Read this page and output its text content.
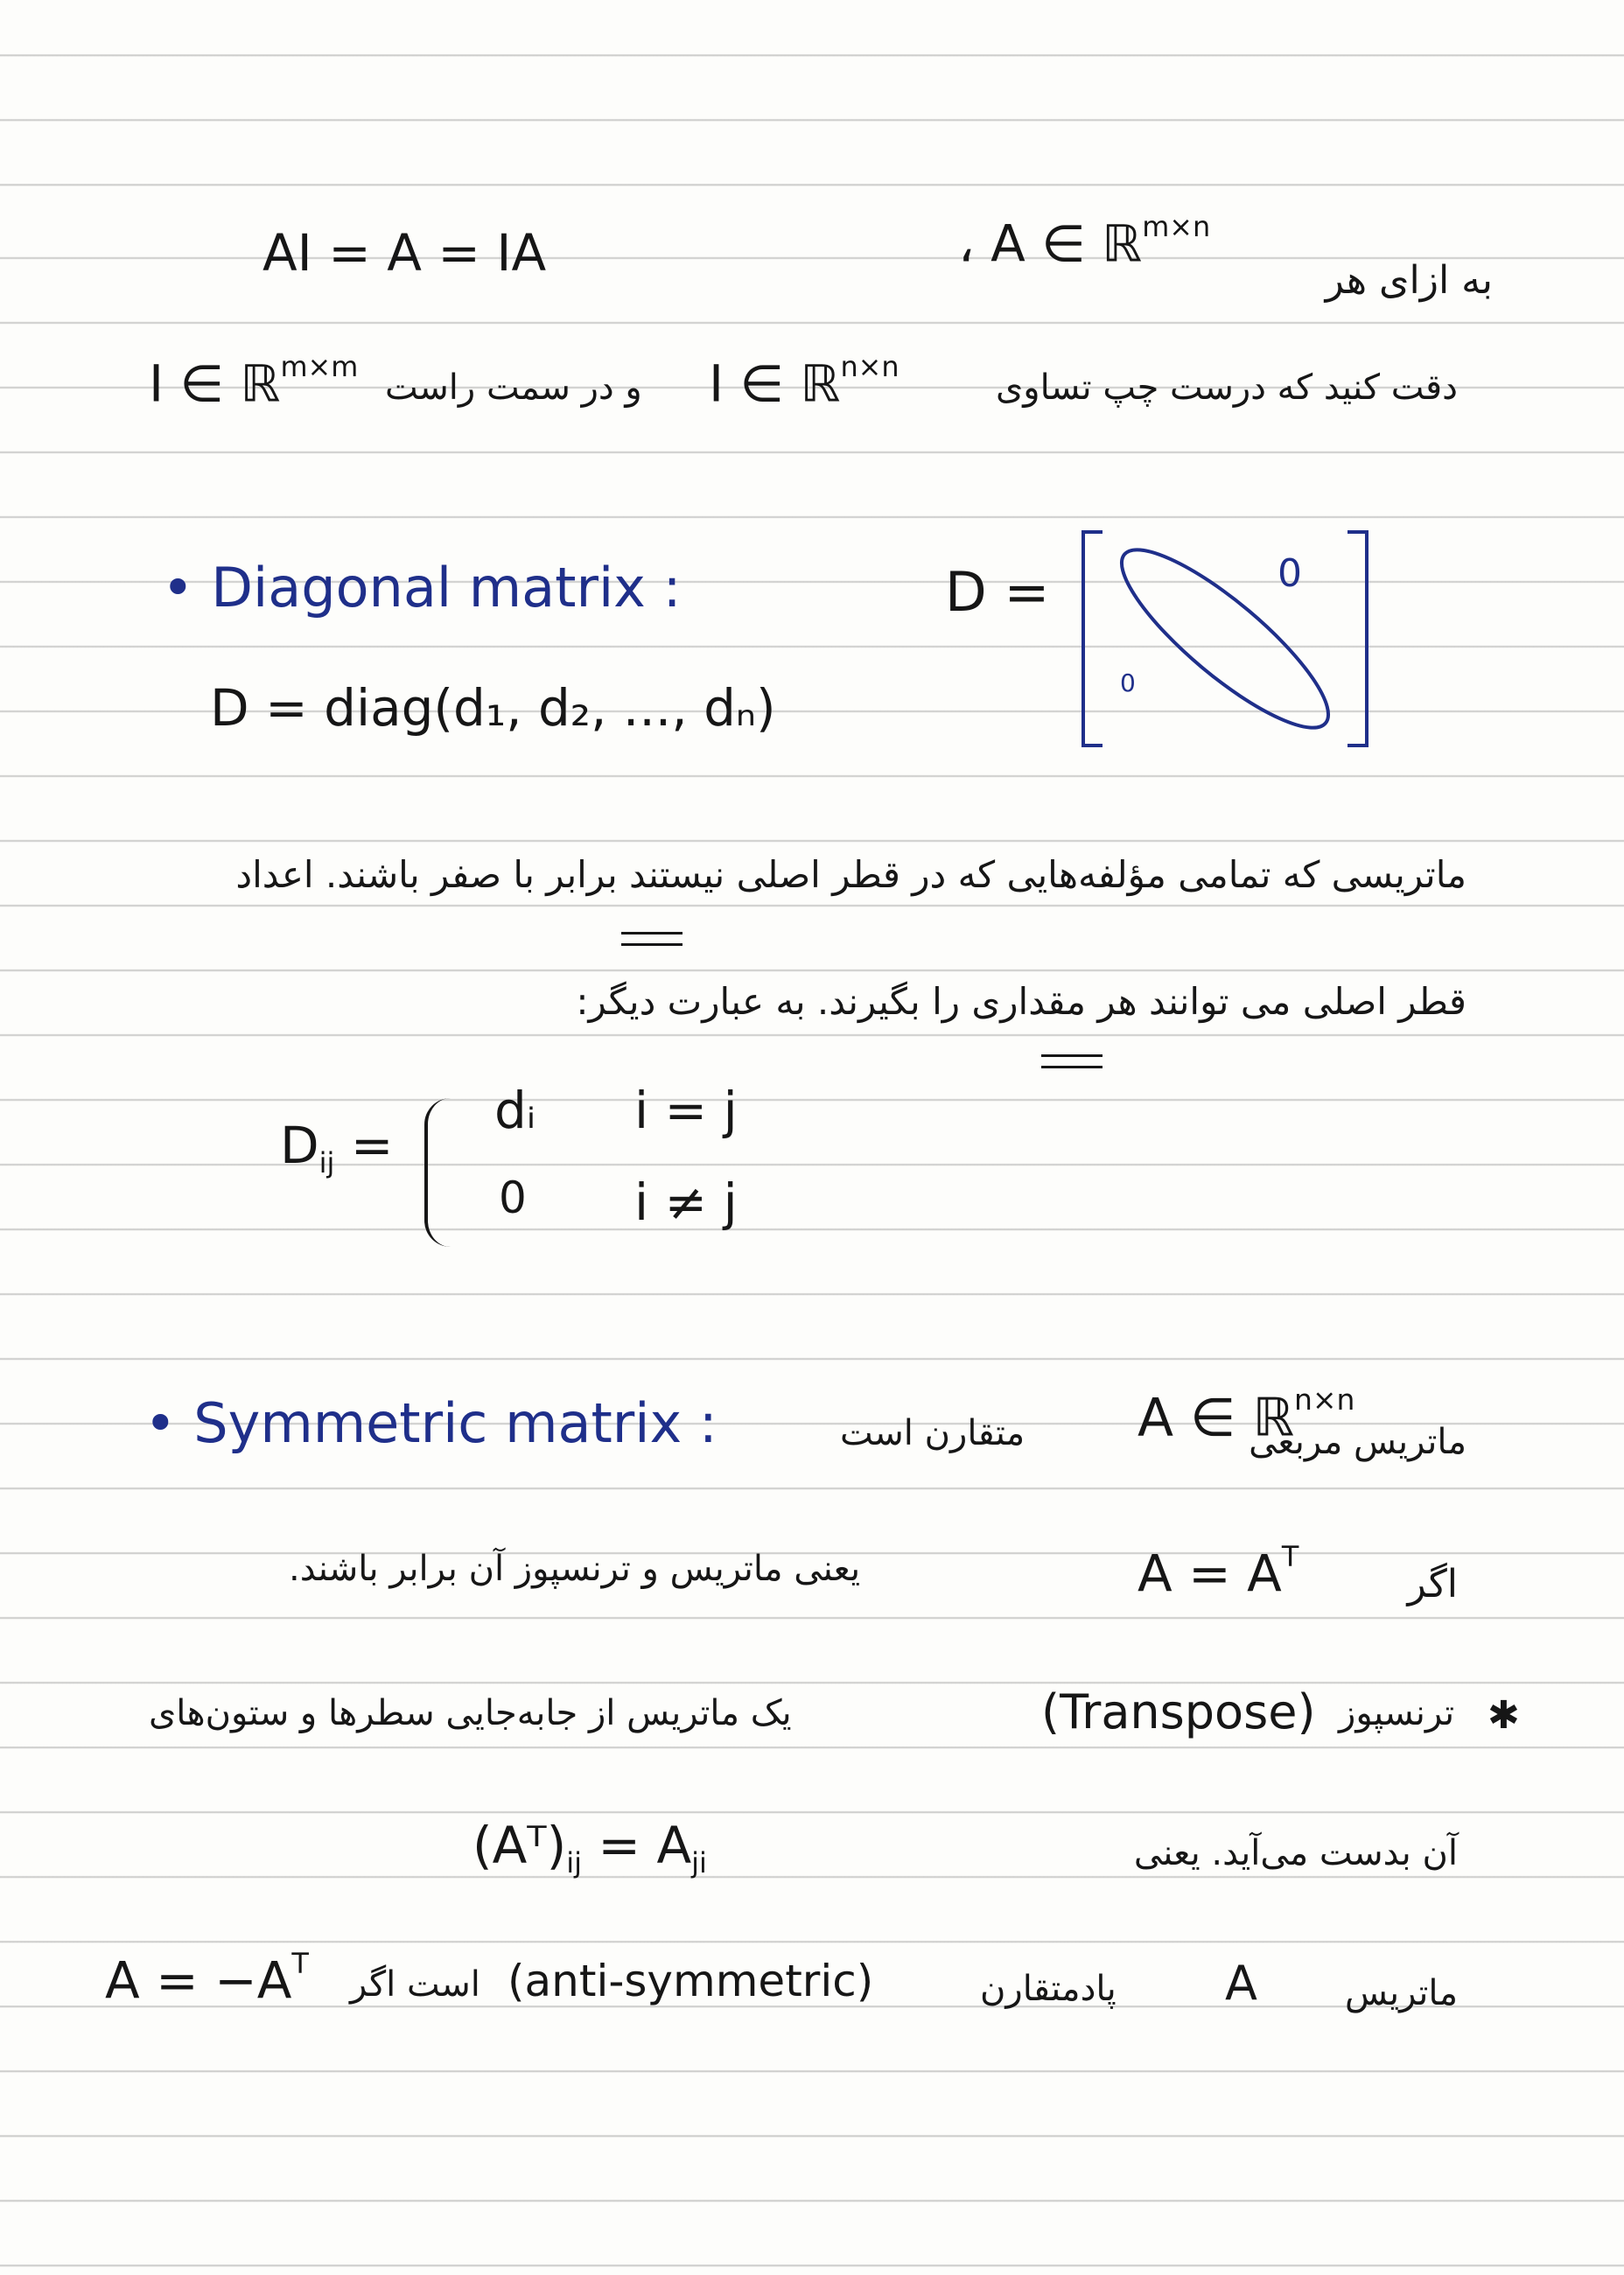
AI = A = IA	، A ∈ ℝ$^{m\times n}$
به ازای هر
I ∈ ℝ$^{m\times m}$
و در سمت راست I ∈ ℝ$^{n\times n}$
دقت کنید که درست چپ تساوی
• Diagonal matrix :
D = diag(d₁, d₂, ..., dₙ)
D =	0
0
ماتریسی که تمامی مؤلفه‌هایی که در قطر اصلی نیستند برابر با صفر باشند. اعداد
قطر اصلی می توانند هر مقداری را بگیرند. به عبارت دیگر:
$D_{ij}$ =
dᵢ i = j
0 i ≠ j
• Symmetric matrix :	متقارن است A ∈ ℝ$^{n\times n}$
ماتریس مربعی
یعنی ماتریس و ترنسپوز آن برابر باشند.	$A = A^T$
اگر
یک ماتریس از جابه‌جایی سطرها و ستون‌های	(Transpose) ترنسپوز ✱
$(Aᵀ)_{ij} = A_{ji}$	آن بدست می‌آید. یعنی
$A = -A^T$
است اگر (anti-symmetric)	پادمتقارن A	ماتریس
